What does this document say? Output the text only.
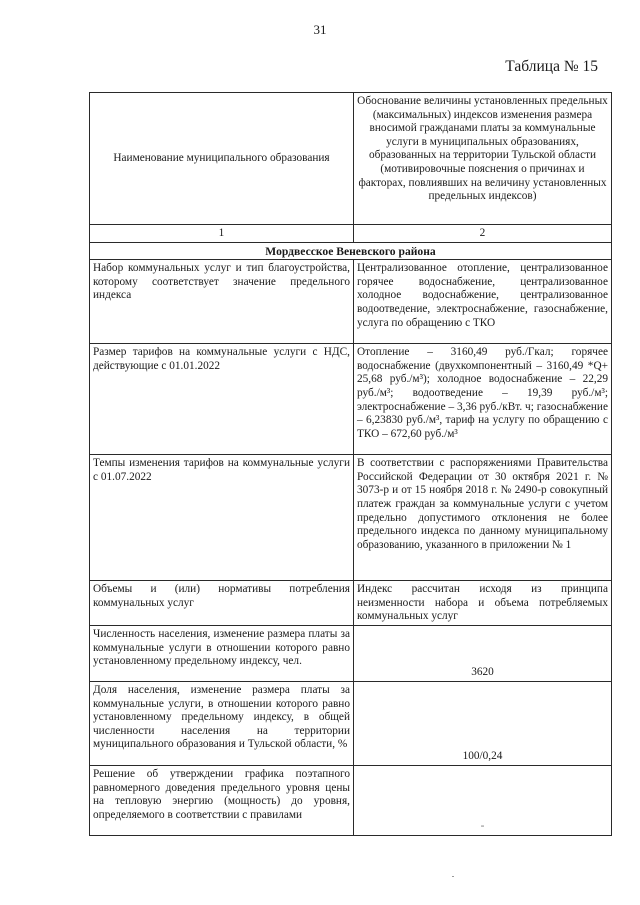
31
Таблица № 15
Наименование муниципального образования	Обоснование величины установленных предельных (максимальных) индексов изменения размера вносимой гражданами платы за коммунальные услуги в муниципальных образованиях, образованных на территории Тульской области (мотивировочные пояснения о причинах и факторах, повлиявших на величину установленных предельных индексов)
1	2
Мордвесское Веневского района	
Набор коммунальных услуг и тип благоустройства, которому соответствует значение предельного индекса	Централизованное отопление, централизованное горячее водоснабжение, централизованное холодное водоснабжение, централизованное водоотведение, электроснабжение, газоснабжение, услуга по обращению с ТКО
Размер тарифов на коммунальные услуги с НДС, действующие с 01.01.2022	Отопление – 3160,49 руб./Гкал; горячее водоснабжение (двухкомпонентный – 3160,49 *Q+ 25,68 руб./м³); холодное водоснабжение – 22,29 руб./м³; водоотведение – 19,39 руб./м³; электроснабжение – 3,36 руб./кВт. ч; газоснабжение – 6,23830 руб./м³, тариф на услугу по обращению с ТКО – 672,60 руб./м³
Темпы изменения тарифов на коммунальные услуги с 01.07.2022	В соответствии с распоряжениями Правительства Российской Федерации от 30 октября 2021 г. № 3073-р и от 15 ноября 2018 г. № 2490-р совокупный платеж граждан за коммунальные услуги с учетом предельно допустимого отклонения не более предельного индекса по данному муниципальному образованию, указанного в приложении № 1
Объемы и (или) нормативы потребления коммунальных услуг	Индекс рассчитан исходя из принципа неизменности набора и объема потребляемых коммунальных услуг
Численность населения, изменение размера платы за коммунальные услуги в отношении которого равно установленному предельному индексу, чел.	3620
Доля населения, изменение размера платы за коммунальные услуги, в отношении которого равно установленному предельному индексу, в общей численности населения на территории муниципального образования и Тульской области, %	100/0,24
Решение об утверждении графика поэтапного равномерного доведения предельного уровня цены на тепловую энергию (мощность) до уровня, определяемого в соответствии с правилами	-
